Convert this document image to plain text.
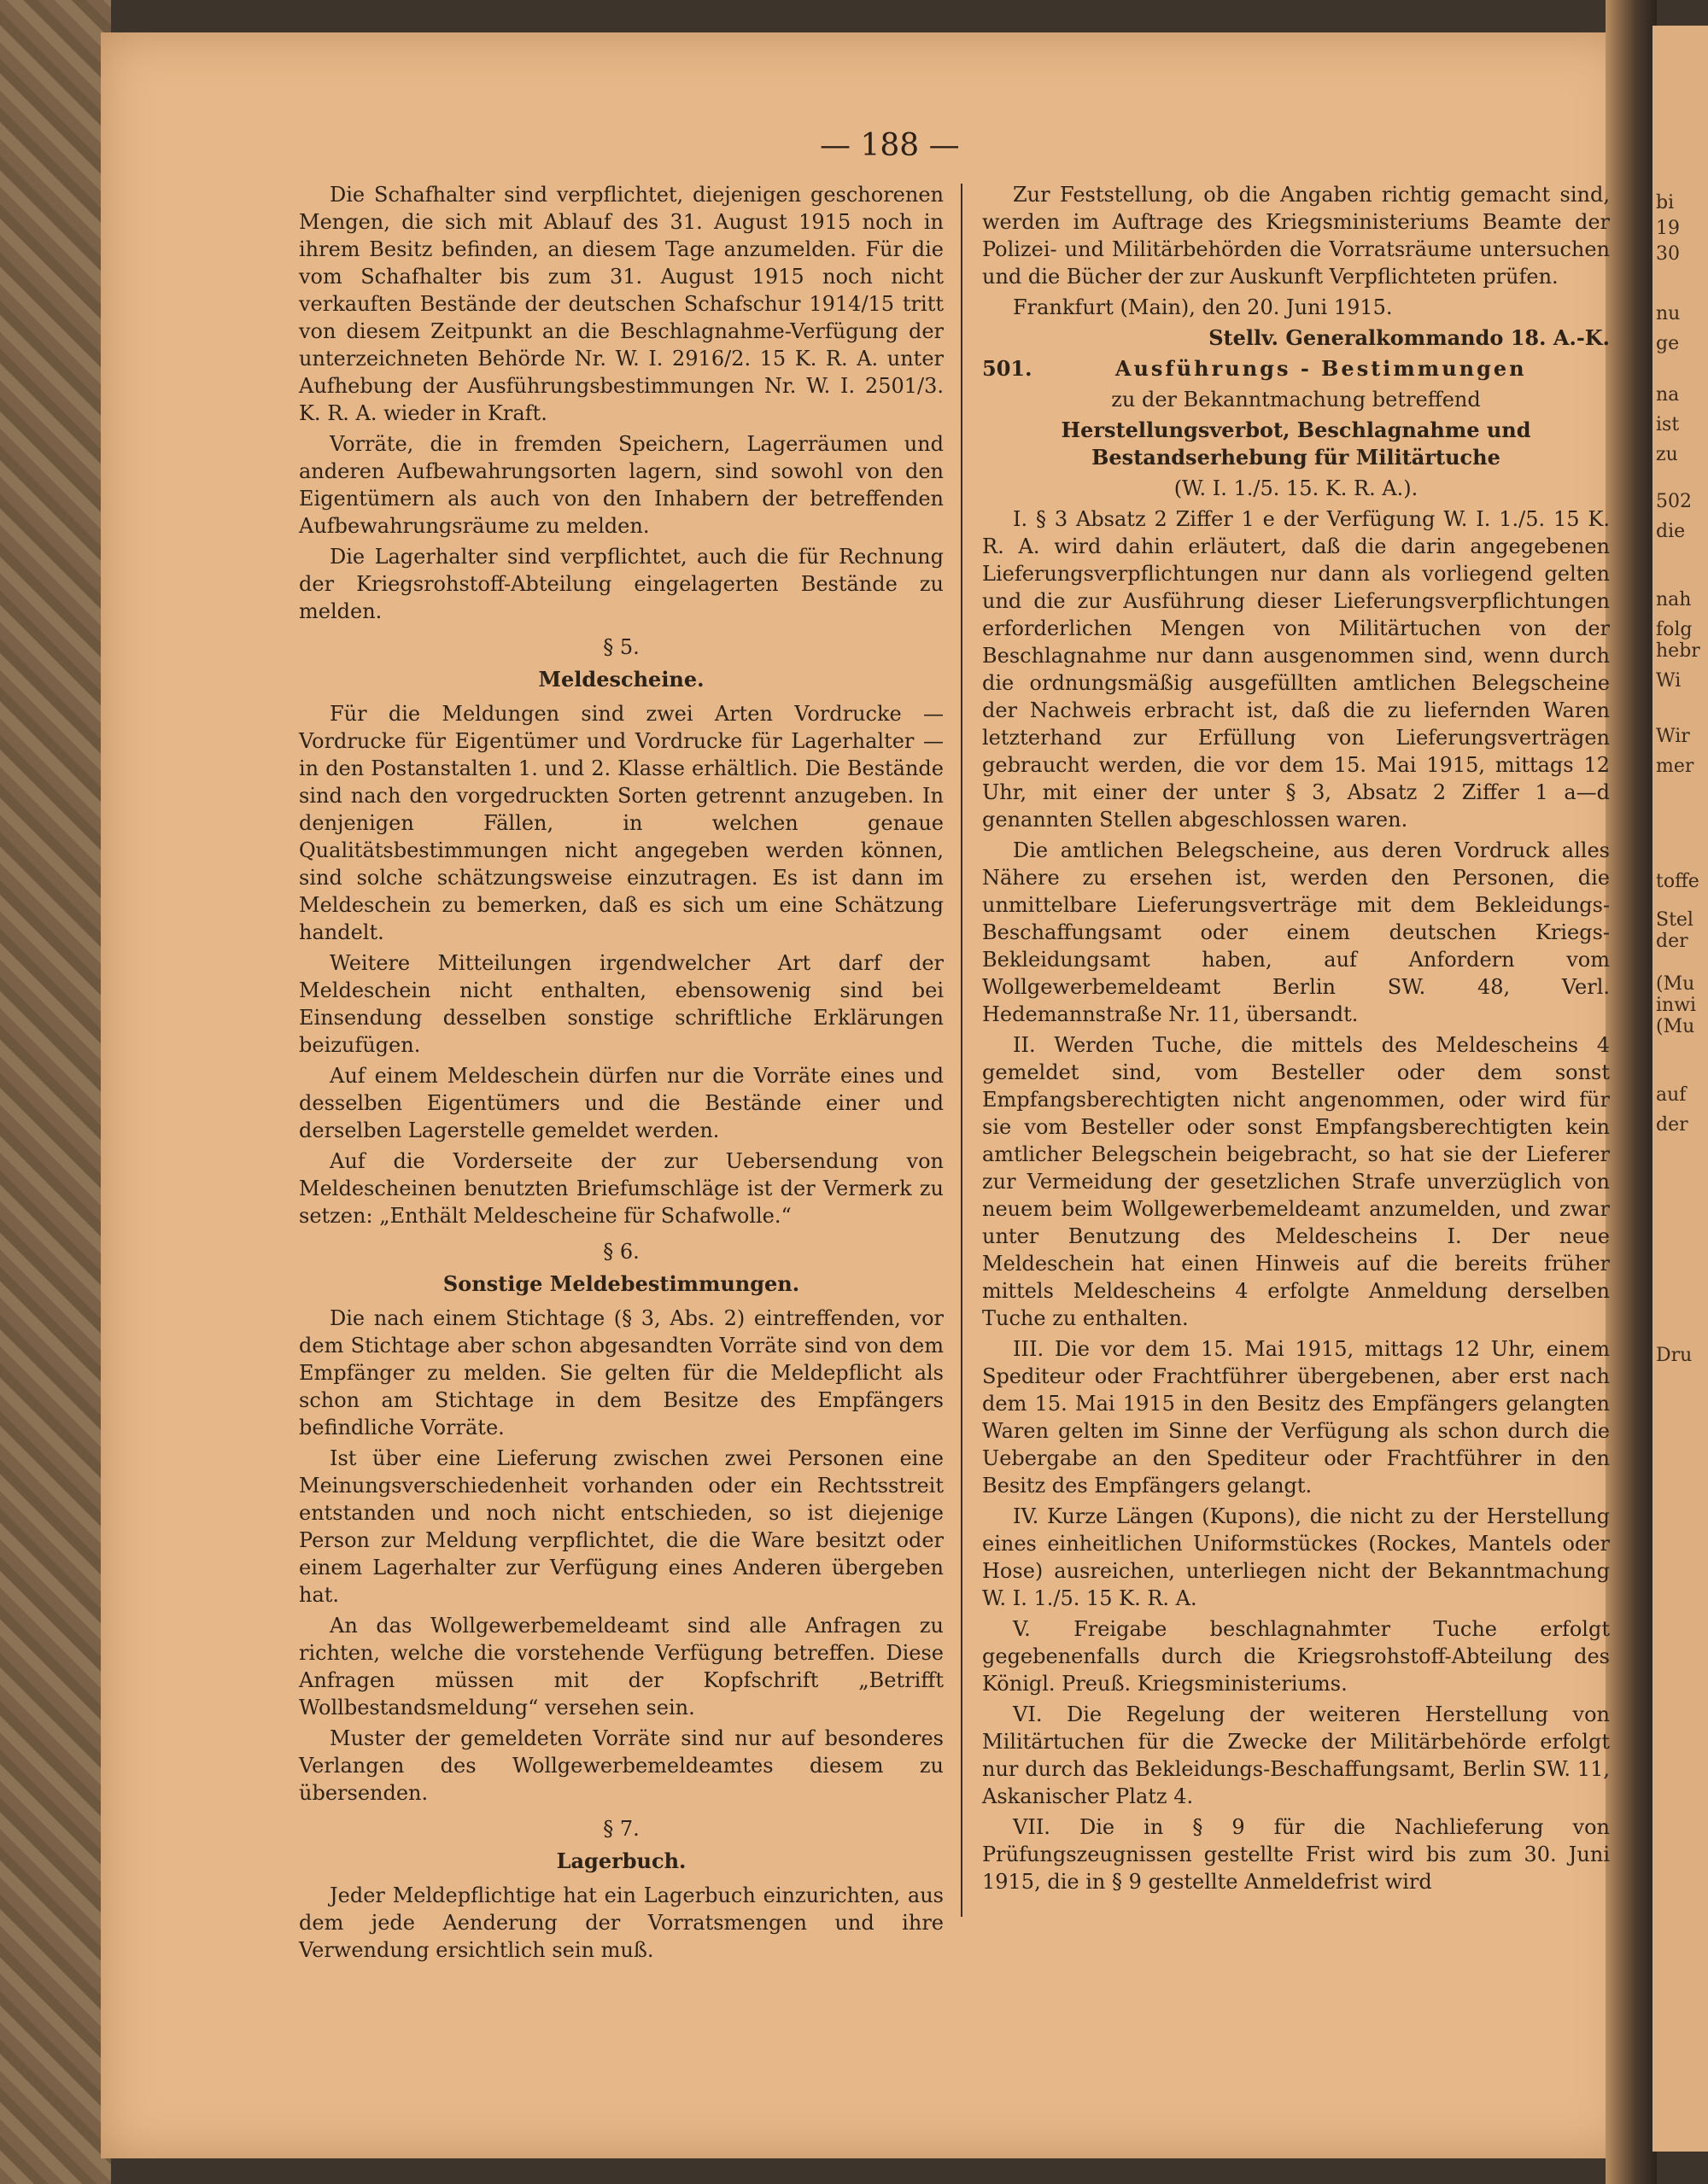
bi
19
30
nu
ge
na
ist
zu
502
die
nah
folg
hebr
Wi
Wir
mer
toffe
Stel
der
(Mu
inwi
(Mu
auf
der
Dru
— 188 —

Die Schafhalter sind verpflichtet, diejenigen geschorenen Mengen, die sich mit Ablauf des 31. August 1915 noch in ihrem Besitz befinden, an diesem Tage anzumelden. Für die vom Schafhalter bis zum 31. August 1915 noch nicht verkauften Bestände der deutschen Schafschur 1914/15 tritt von diesem Zeitpunkt an die Beschlagnahme-Verfügung der unterzeichneten Behörde Nr. W. I. 2916/2. 15 K. R. A. unter Aufhebung der Ausführungsbestimmungen Nr. W. I. 2501/3. K. R. A. wieder in Kraft.

Vorräte, die in fremden Speichern, Lagerräumen und anderen Aufbewahrungsorten lagern, sind sowohl von den Eigentümern als auch von den Inhabern der betreffenden Aufbewahrungsräume zu melden.

Die Lagerhalter sind verpflichtet, auch die für Rechnung der Kriegsrohstoff-Abteilung eingelagerten Bestände zu melden.

§ 5.
Meldescheine.

Für die Meldungen sind zwei Arten Vordrucke — Vordrucke für Eigentümer und Vordrucke für Lagerhalter — in den Postanstalten 1. und 2. Klasse erhältlich. Die Bestände sind nach den vorgedruckten Sorten getrennt anzugeben. In denjenigen Fällen, in welchen genaue Qualitätsbestimmungen nicht angegeben werden können, sind solche schätzungsweise einzutragen. Es ist dann im Meldeschein zu bemerken, daß es sich um eine Schätzung handelt.

Weitere Mitteilungen irgendwelcher Art darf der Meldeschein nicht enthalten, ebensowenig sind bei Einsendung desselben sonstige schriftliche Erklärungen beizufügen.

Auf einem Meldeschein dürfen nur die Vorräte eines und desselben Eigentümers und die Bestände einer und derselben Lagerstelle gemeldet werden.

Auf die Vorderseite der zur Uebersendung von Meldescheinen benutzten Briefumschläge ist der Vermerk zu setzen: „Enthält Meldescheine für Schafwolle.“

§ 6.
Sonstige Meldebestimmungen.

Die nach einem Stichtage (§ 3, Abs. 2) eintreffenden, vor dem Stichtage aber schon abgesandten Vorräte sind von dem Empfänger zu melden. Sie gelten für die Meldepflicht als schon am Stichtage in dem Besitze des Empfängers befindliche Vorräte.

Ist über eine Lieferung zwischen zwei Personen eine Meinungsverschiedenheit vorhanden oder ein Rechtsstreit entstanden und noch nicht entschieden, so ist diejenige Person zur Meldung verpflichtet, die die Ware besitzt oder einem Lagerhalter zur Verfügung eines Anderen übergeben hat.

An das Wollgewerbemeldeamt sind alle Anfragen zu richten, welche die vorstehende Verfügung betreffen. Diese Anfragen müssen mit der Kopfschrift „Betrifft Wollbestandsmeldung“ versehen sein.

Muster der gemeldeten Vorräte sind nur auf besonderes Verlangen des Wollgewerbemeldeamtes diesem zu übersenden.

§ 7.
Lagerbuch.

Jeder Meldepflichtige hat ein Lagerbuch einzurichten, aus dem jede Aenderung der Vorratsmengen und ihre Verwendung ersichtlich sein muß.

Zur Feststellung, ob die Angaben richtig gemacht sind, werden im Auftrage des Kriegsministeriums Beamte der Polizei- und Militärbehörden die Vorratsräume untersuchen und die Bücher der zur Auskunft Verpflichteten prüfen.

Frankfurt (Main), den 20. Juni 1915.

Stellv. Generalkommando 18. A.-K.

501.	Ausführungs - Bestimmungen

zu der Bekanntmachung betreffend

Herstellungsverbot, Beschlagnahme und Bestandserhebung für Militärtuche

(W. I. 1./5. 15. K. R. A.).

I. § 3 Absatz 2 Ziffer 1 e der Verfügung W. I. 1./5. 15 K. R. A. wird dahin erläutert, daß die darin angegebenen Lieferungsverpflichtungen nur dann als vorliegend gelten und die zur Ausführung dieser Lieferungsverpflichtungen erforderlichen Mengen von Militärtuchen von der Beschlagnahme nur dann ausgenommen sind, wenn durch die ordnungsmäßig ausgefüllten amtlichen Belegscheine der Nachweis erbracht ist, daß die zu liefernden Waren letzterhand zur Erfüllung von Lieferungsverträgen gebraucht werden, die vor dem 15. Mai 1915, mittags 12 Uhr, mit einer der unter § 3, Absatz 2 Ziffer 1 a—d genannten Stellen abgeschlossen waren.

Die amtlichen Belegscheine, aus deren Vordruck alles Nähere zu ersehen ist, werden den Personen, die unmittelbare Lieferungsverträge mit dem Bekleidungs-Beschaffungsamt oder einem deutschen Kriegs-Bekleidungsamt haben, auf Anfordern vom Wollgewerbemeldeamt Berlin SW. 48, Verl. Hedemannstraße Nr. 11, übersandt.

II. Werden Tuche, die mittels des Meldescheins 4 gemeldet sind, vom Besteller oder dem sonst Empfangsberechtigten nicht angenommen, oder wird für sie vom Besteller oder sonst Empfangsberechtigten kein amtlicher Belegschein beigebracht, so hat sie der Lieferer zur Vermeidung der gesetzlichen Strafe unverzüglich von neuem beim Wollgewerbemeldeamt anzumelden, und zwar unter Benutzung des Meldescheins I. Der neue Meldeschein hat einen Hinweis auf die bereits früher mittels Meldescheins 4 erfolgte Anmeldung derselben Tuche zu enthalten.

III. Die vor dem 15. Mai 1915, mittags 12 Uhr, einem Spediteur oder Frachtführer übergebenen, aber erst nach dem 15. Mai 1915 in den Besitz des Empfängers gelangten Waren gelten im Sinne der Verfügung als schon durch die Uebergabe an den Spediteur oder Frachtführer in den Besitz des Empfängers gelangt.

IV. Kurze Längen (Kupons), die nicht zu der Herstellung eines einheitlichen Uniformstückes (Rockes, Mantels oder Hose) ausreichen, unterliegen nicht der Bekanntmachung W. I. 1./5. 15 K. R. A.

V. Freigabe beschlagnahmter Tuche erfolgt gegebenenfalls durch die Kriegsrohstoff-Abteilung des Königl. Preuß. Kriegsministeriums.

VI. Die Regelung der weiteren Herstellung von Militärtuchen für die Zwecke der Militärbehörde erfolgt nur durch das Bekleidungs-Beschaffungsamt, Berlin SW. 11, Askanischer Platz 4.

VII. Die in § 9 für die Nachlieferung von Prüfungszeugnissen gestellte Frist wird bis zum 30. Juni 1915, die in § 9 gestellte Anmeldefrist wird
